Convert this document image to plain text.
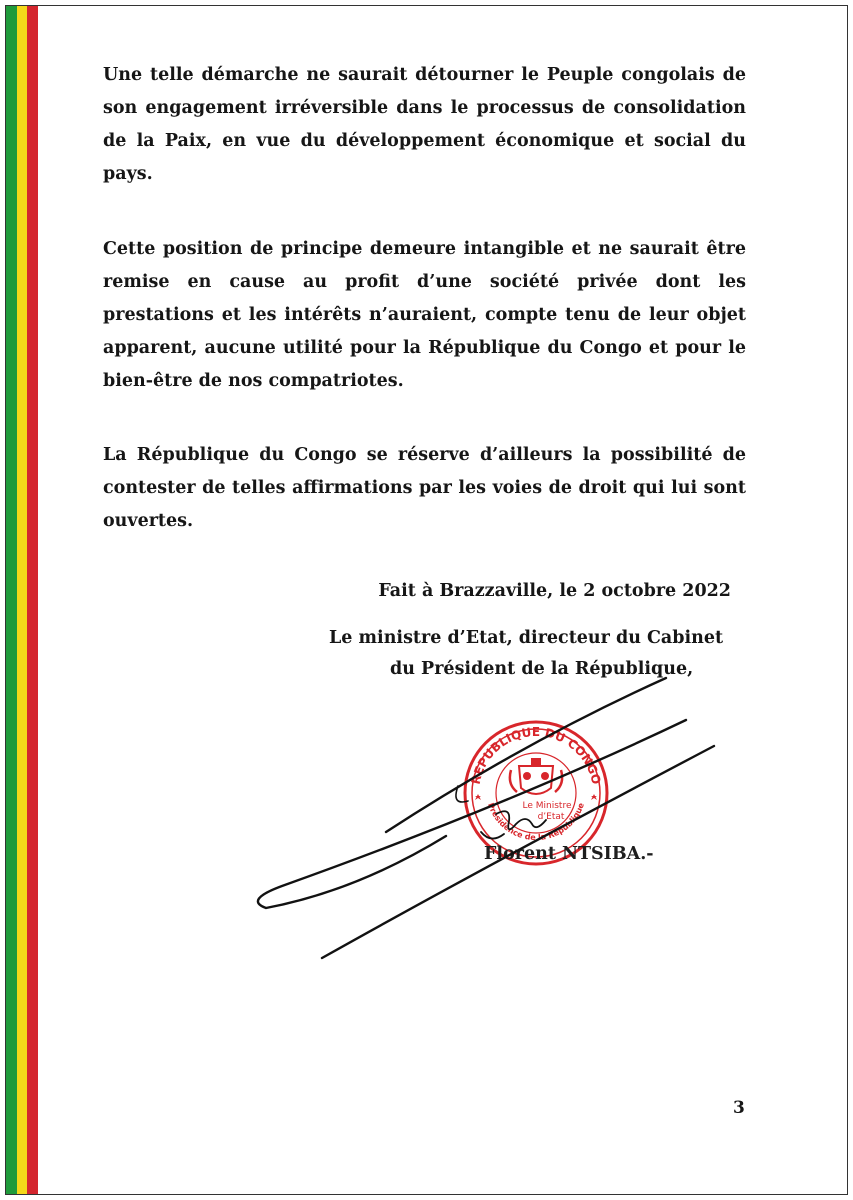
Une telle démarche ne saurait détourner le Peuple congolais de son engagement irréversible dans le processus de consolidation de la Paix, en vue du développement économique et social du pays.

Cette position de principe demeure intangible et ne saurait être remise en cause au profit d’une société privée dont les prestations et les intérêts n’auraient, compte tenu de leur objet apparent, aucune utilité pour la République du Congo et pour le bien-être de nos compatriotes.

La République du Congo se réserve d’ailleurs la possibilité de contester de telles affirmations par les voies de droit qui lui sont ouvertes.

Fait à Brazzaville, le 2 octobre 2022
Le ministre d’Etat, directeur du Cabinet
du Président de la République,
REPUBLIQUE DU CONGO
Présidence de la République
Le Ministre
d’Etat
Florent NTSIBA.-
3
